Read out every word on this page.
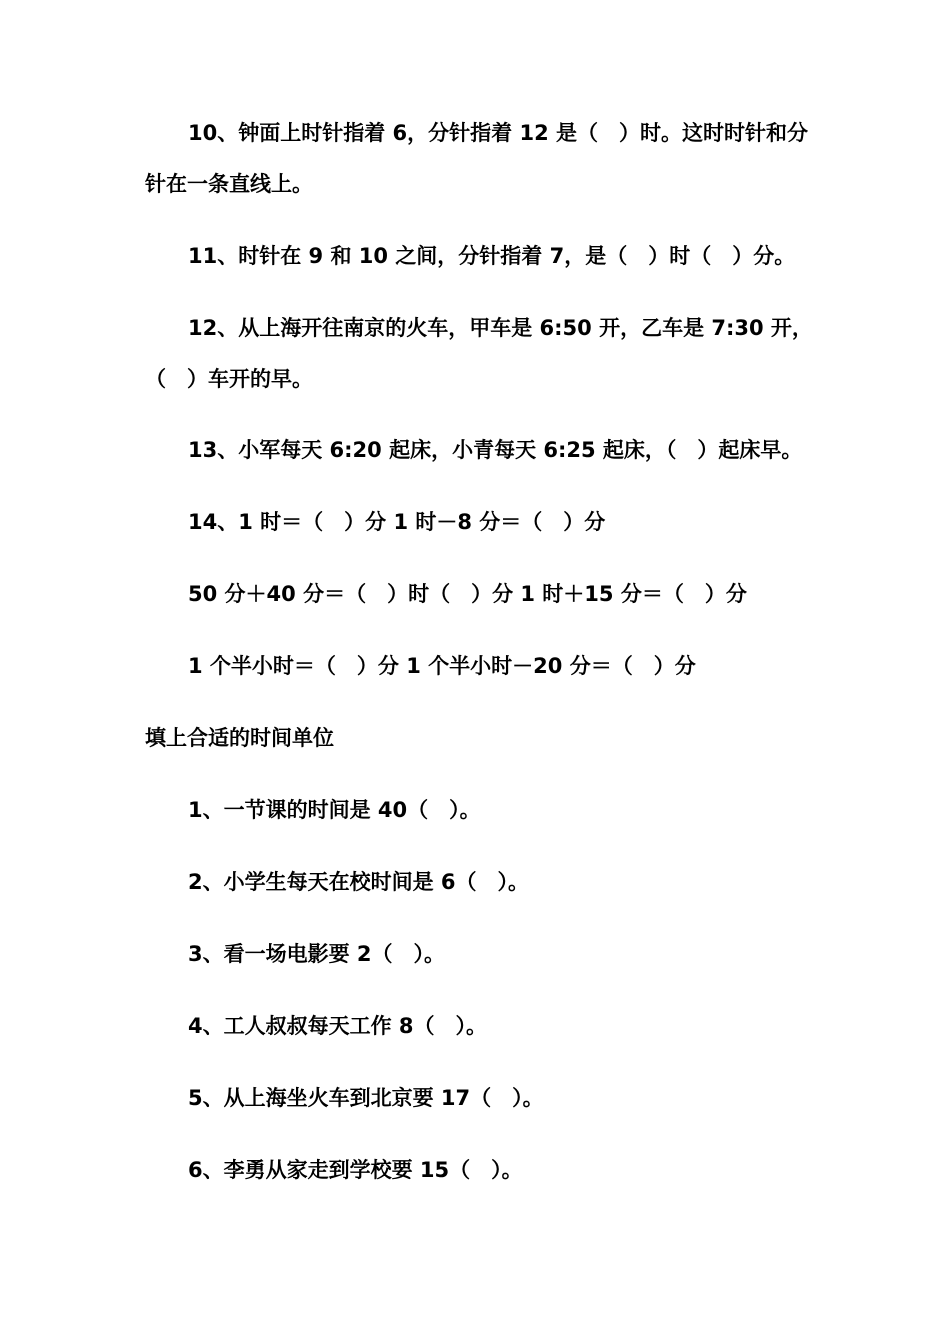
10、钟面上时针指着 6，分针指着 12 是（　）时。这时时针和分
针在一条直线上。
11、时针在 9 和 10 之间，分针指着 7，是（　）时（　）分。
12、从上海开往南京的火车，甲车是 6:50 开，乙车是 7:30 开，
（　）车开的早。
13、小军每天 6:20 起床，小青每天 6:25 起床，（　）起床早。
14、1 时＝（　）分 1 时－8 分＝（　）分
50 分＋40 分＝（　）时（　）分 1 时＋15 分＝（　）分
1 个半小时＝（　）分 1 个半小时－20 分＝（　）分
填上合适的时间单位
1、一节课的时间是 40（　）。
2、小学生每天在校时间是 6（　）。
3、看一场电影要 2（　）。
4、工人叔叔每天工作 8（　）。
5、从上海坐火车到北京要 17（　）。
6、李勇从家走到学校要 15（　）。
